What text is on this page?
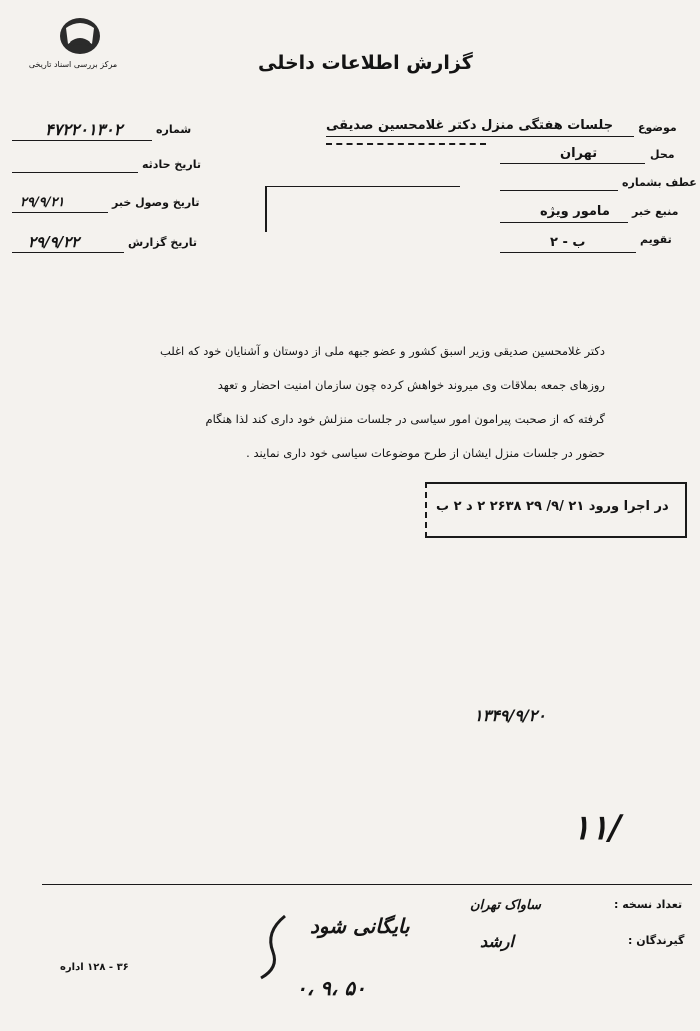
مرکز بررسی اسناد تاریخی	گزارش اطلاعات داخلی
شماره
۴۷۲۲۰۱۳۰۲
تاریخ حادثه
تاریخ وصول خبر
۲۹/۹/۲۱
تاریخ گزارش
۲۹/۹/۲۲
موضوع
جلسات هفتگی منزل دکتر غلامحسین صدیقی
محل
تهران
عطف بشماره
منبع خبر
مامور ویژه
تقویم
ب - ۲
دکتر غلامحسین صدیقی وزیر اسبق کشور و عضو جبهه ملی از دوستان و آشنایان خود که اغلب
روزهای جمعه بملاقات وی میروند خواهش کرده چون سازمان امنیت احضار و تعهد
گرفته که از صحبت پیرامون امور سیاسی در جلسات منزلش خود داری کند لذا هنگام
حضور در جلسات منزل ایشان از طرح موضوعات سیاسی خود داری نمایند .
در اجرا ورود ۲۱ /۹/ ۲۹ ۲۶۳۸ ۲ د ۲ ب
۱۳۴۹/۹/۲۰
۱۱/
تعداد نسخه :
ساواک تهران
گیرندگان :
ارشد
بایگانی شود
۰، ۹، ۵۰
۳۶ - ۱۲۸ اداره
